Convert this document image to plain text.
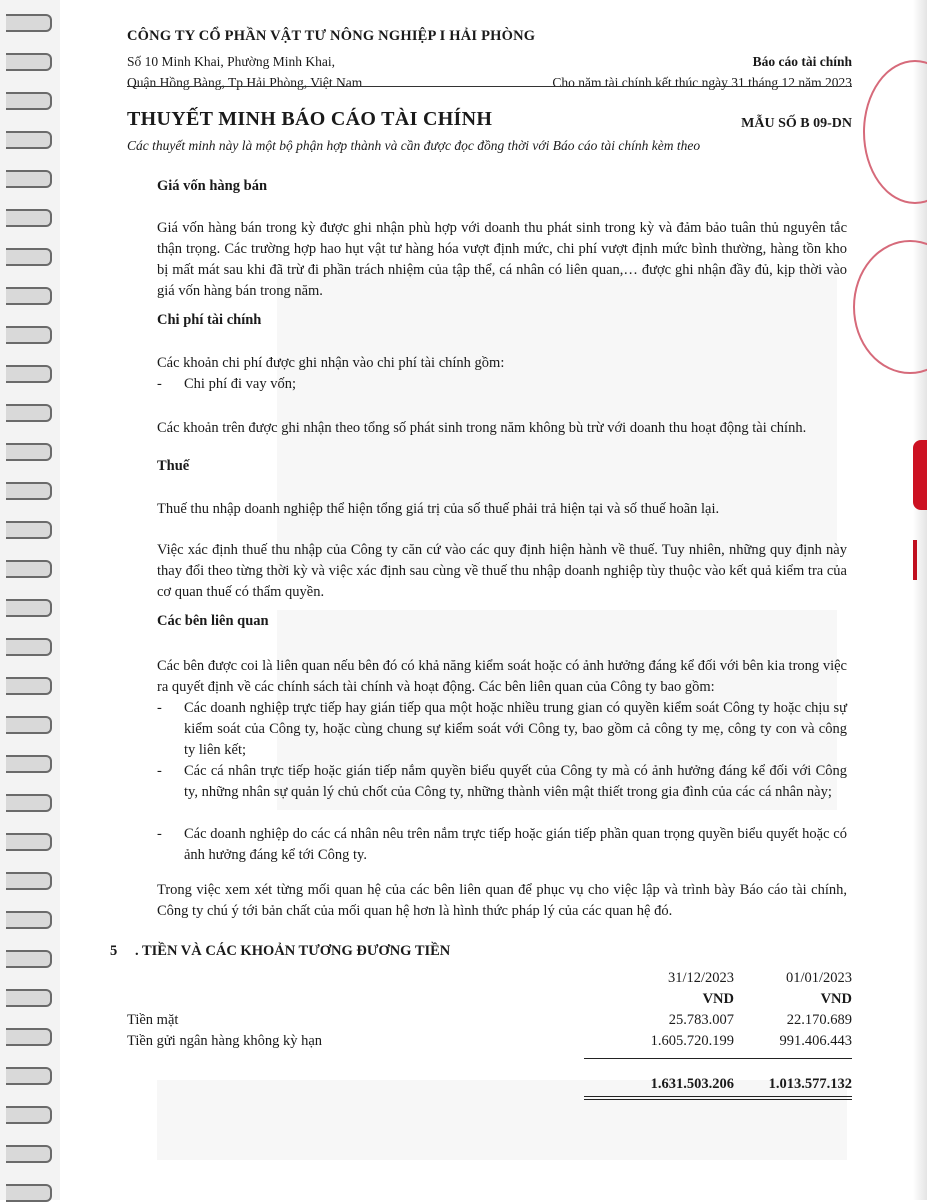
CÔNG TY CỔ PHẦN VẬT TƯ NÔNG NGHIỆP I HẢI PHÒNG
Số 10 Minh Khai, Phường Minh Khai,
Quận Hồng Bàng, Tp Hải Phòng, Việt Nam
Báo cáo tài chính
Cho năm tài chính kết thúc ngày 31 tháng 12 năm 2023
THUYẾT MINH BÁO CÁO TÀI CHÍNH	MẪU SỐ B 09-DN
Các thuyết minh này là một bộ phận hợp thành và cần được đọc đồng thời với Báo cáo tài chính kèm theo
Giá vốn hàng bán
Giá vốn hàng bán trong kỳ được ghi nhận phù hợp với doanh thu phát sinh trong kỳ và đảm bảo tuân thủ nguyên tắc thận trọng. Các trường hợp hao hụt vật tư hàng hóa vượt định mức, chi phí vượt định mức bình thường, hàng tồn kho bị mất mát sau khi đã trừ đi phần trách nhiệm của tập thể, cá nhân có liên quan,… được ghi nhận đầy đủ, kịp thời vào giá vốn hàng bán trong năm.
Chi phí tài chính
Các khoản chi phí được ghi nhận vào chi phí tài chính gồm:
- Chi phí đi vay vốn;
Các khoản trên được ghi nhận theo tổng số phát sinh trong năm không bù trừ với doanh thu hoạt động tài chính.
Thuế
Thuế thu nhập doanh nghiệp thể hiện tổng giá trị của số thuế phải trả hiện tại và số thuế hoãn lại.
Việc xác định thuế thu nhập của Công ty căn cứ vào các quy định hiện hành về thuế. Tuy nhiên, những quy định này thay đổi theo từng thời kỳ và việc xác định sau cùng về thuế thu nhập doanh nghiệp tùy thuộc vào kết quả kiểm tra của cơ quan thuế có thẩm quyền.
Các bên liên quan
Các bên được coi là liên quan nếu bên đó có khả năng kiểm soát hoặc có ảnh hưởng đáng kể đối với bên kia trong việc ra quyết định về các chính sách tài chính và hoạt động. Các bên liên quan của Công ty bao gồm:
- Các doanh nghiệp trực tiếp hay gián tiếp qua một hoặc nhiều trung gian có quyền kiểm soát Công ty hoặc chịu sự kiểm soát của Công ty, hoặc cùng chung sự kiểm soát với Công ty, bao gồm cả công ty mẹ, công ty con và công ty liên kết;
- Các cá nhân trực tiếp hoặc gián tiếp nắm quyền biểu quyết của Công ty mà có ảnh hưởng đáng kể đối với Công ty, những nhân sự quản lý chủ chốt của Công ty, những thành viên mật thiết trong gia đình của các cá nhân này;
- Các doanh nghiệp do các cá nhân nêu trên nắm trực tiếp hoặc gián tiếp phần quan trọng quyền biểu quyết hoặc có ảnh hưởng đáng kể tới Công ty.
Trong việc xem xét từng mối quan hệ của các bên liên quan để phục vụ cho việc lập và trình bày Báo cáo tài chính, Công ty chú ý tới bản chất của mối quan hệ hơn là hình thức pháp lý của các quan hệ đó.
5 . TIỀN VÀ CÁC KHOẢN TƯƠNG ĐƯƠNG TIỀN
31/12/2023	01/01/2023
VND	VND
Tiền mặt	25.783.007	22.170.689
Tiền gửi ngân hàng không kỳ hạn	1.605.720.199	991.406.443
1.631.503.206	1.013.577.132
